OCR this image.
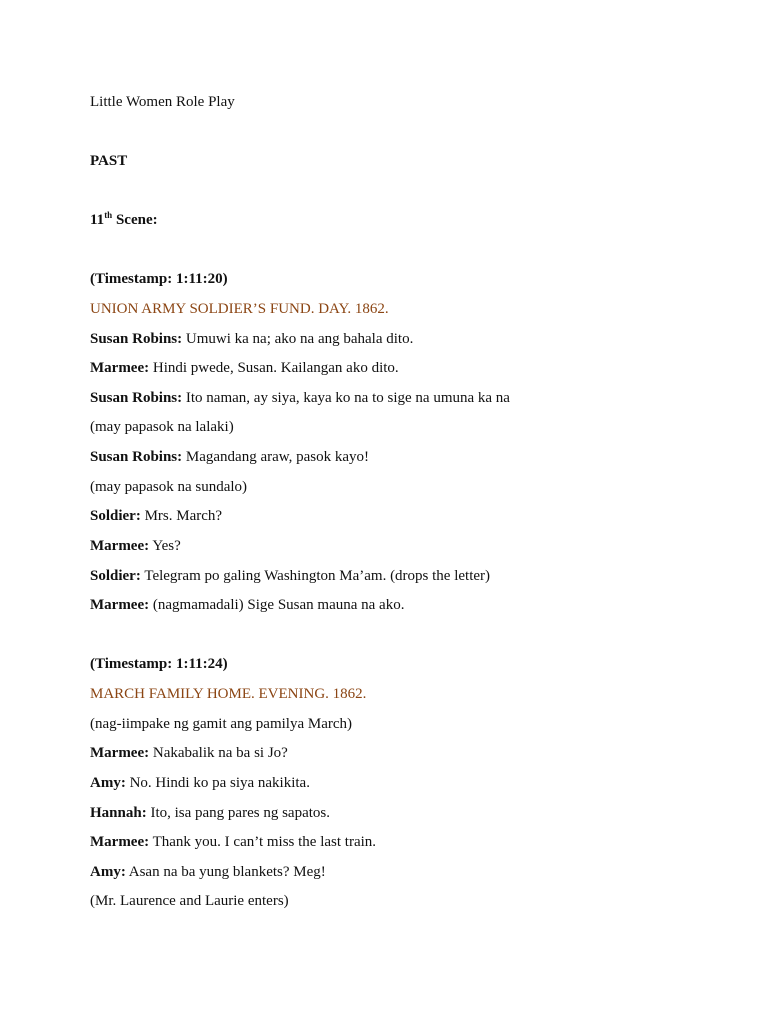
Little Women Role Play
PAST
11th Scene:
(Timestamp: 1:11:20)
UNION ARMY SOLDIER’S FUND. DAY. 1862.
Susan Robins: Umuwi ka na; ako na ang bahala dito.
Marmee: Hindi pwede, Susan. Kailangan ako dito.
Susan Robins: Ito naman, ay siya, kaya ko na to sige na umuna ka na
(may papasok na lalaki)
Susan Robins: Magandang araw, pasok kayo!
(may papasok na sundalo)
Soldier: Mrs. March?
Marmee: Yes?
Soldier: Telegram po galing Washington Ma’am. (drops the letter)
Marmee: (nagmamadali) Sige Susan mauna na ako.
(Timestamp: 1:11:24)
MARCH FAMILY HOME. EVENING. 1862.
(nag-iimpake ng gamit ang pamilya March)
Marmee: Nakabalik na ba si Jo?
Amy: No. Hindi ko pa siya nakikita.
Hannah: Ito, isa pang pares ng sapatos.
Marmee: Thank you. I can’t miss the last train.
Amy: Asan na ba yung blankets? Meg!
(Mr. Laurence and Laurie enters)
